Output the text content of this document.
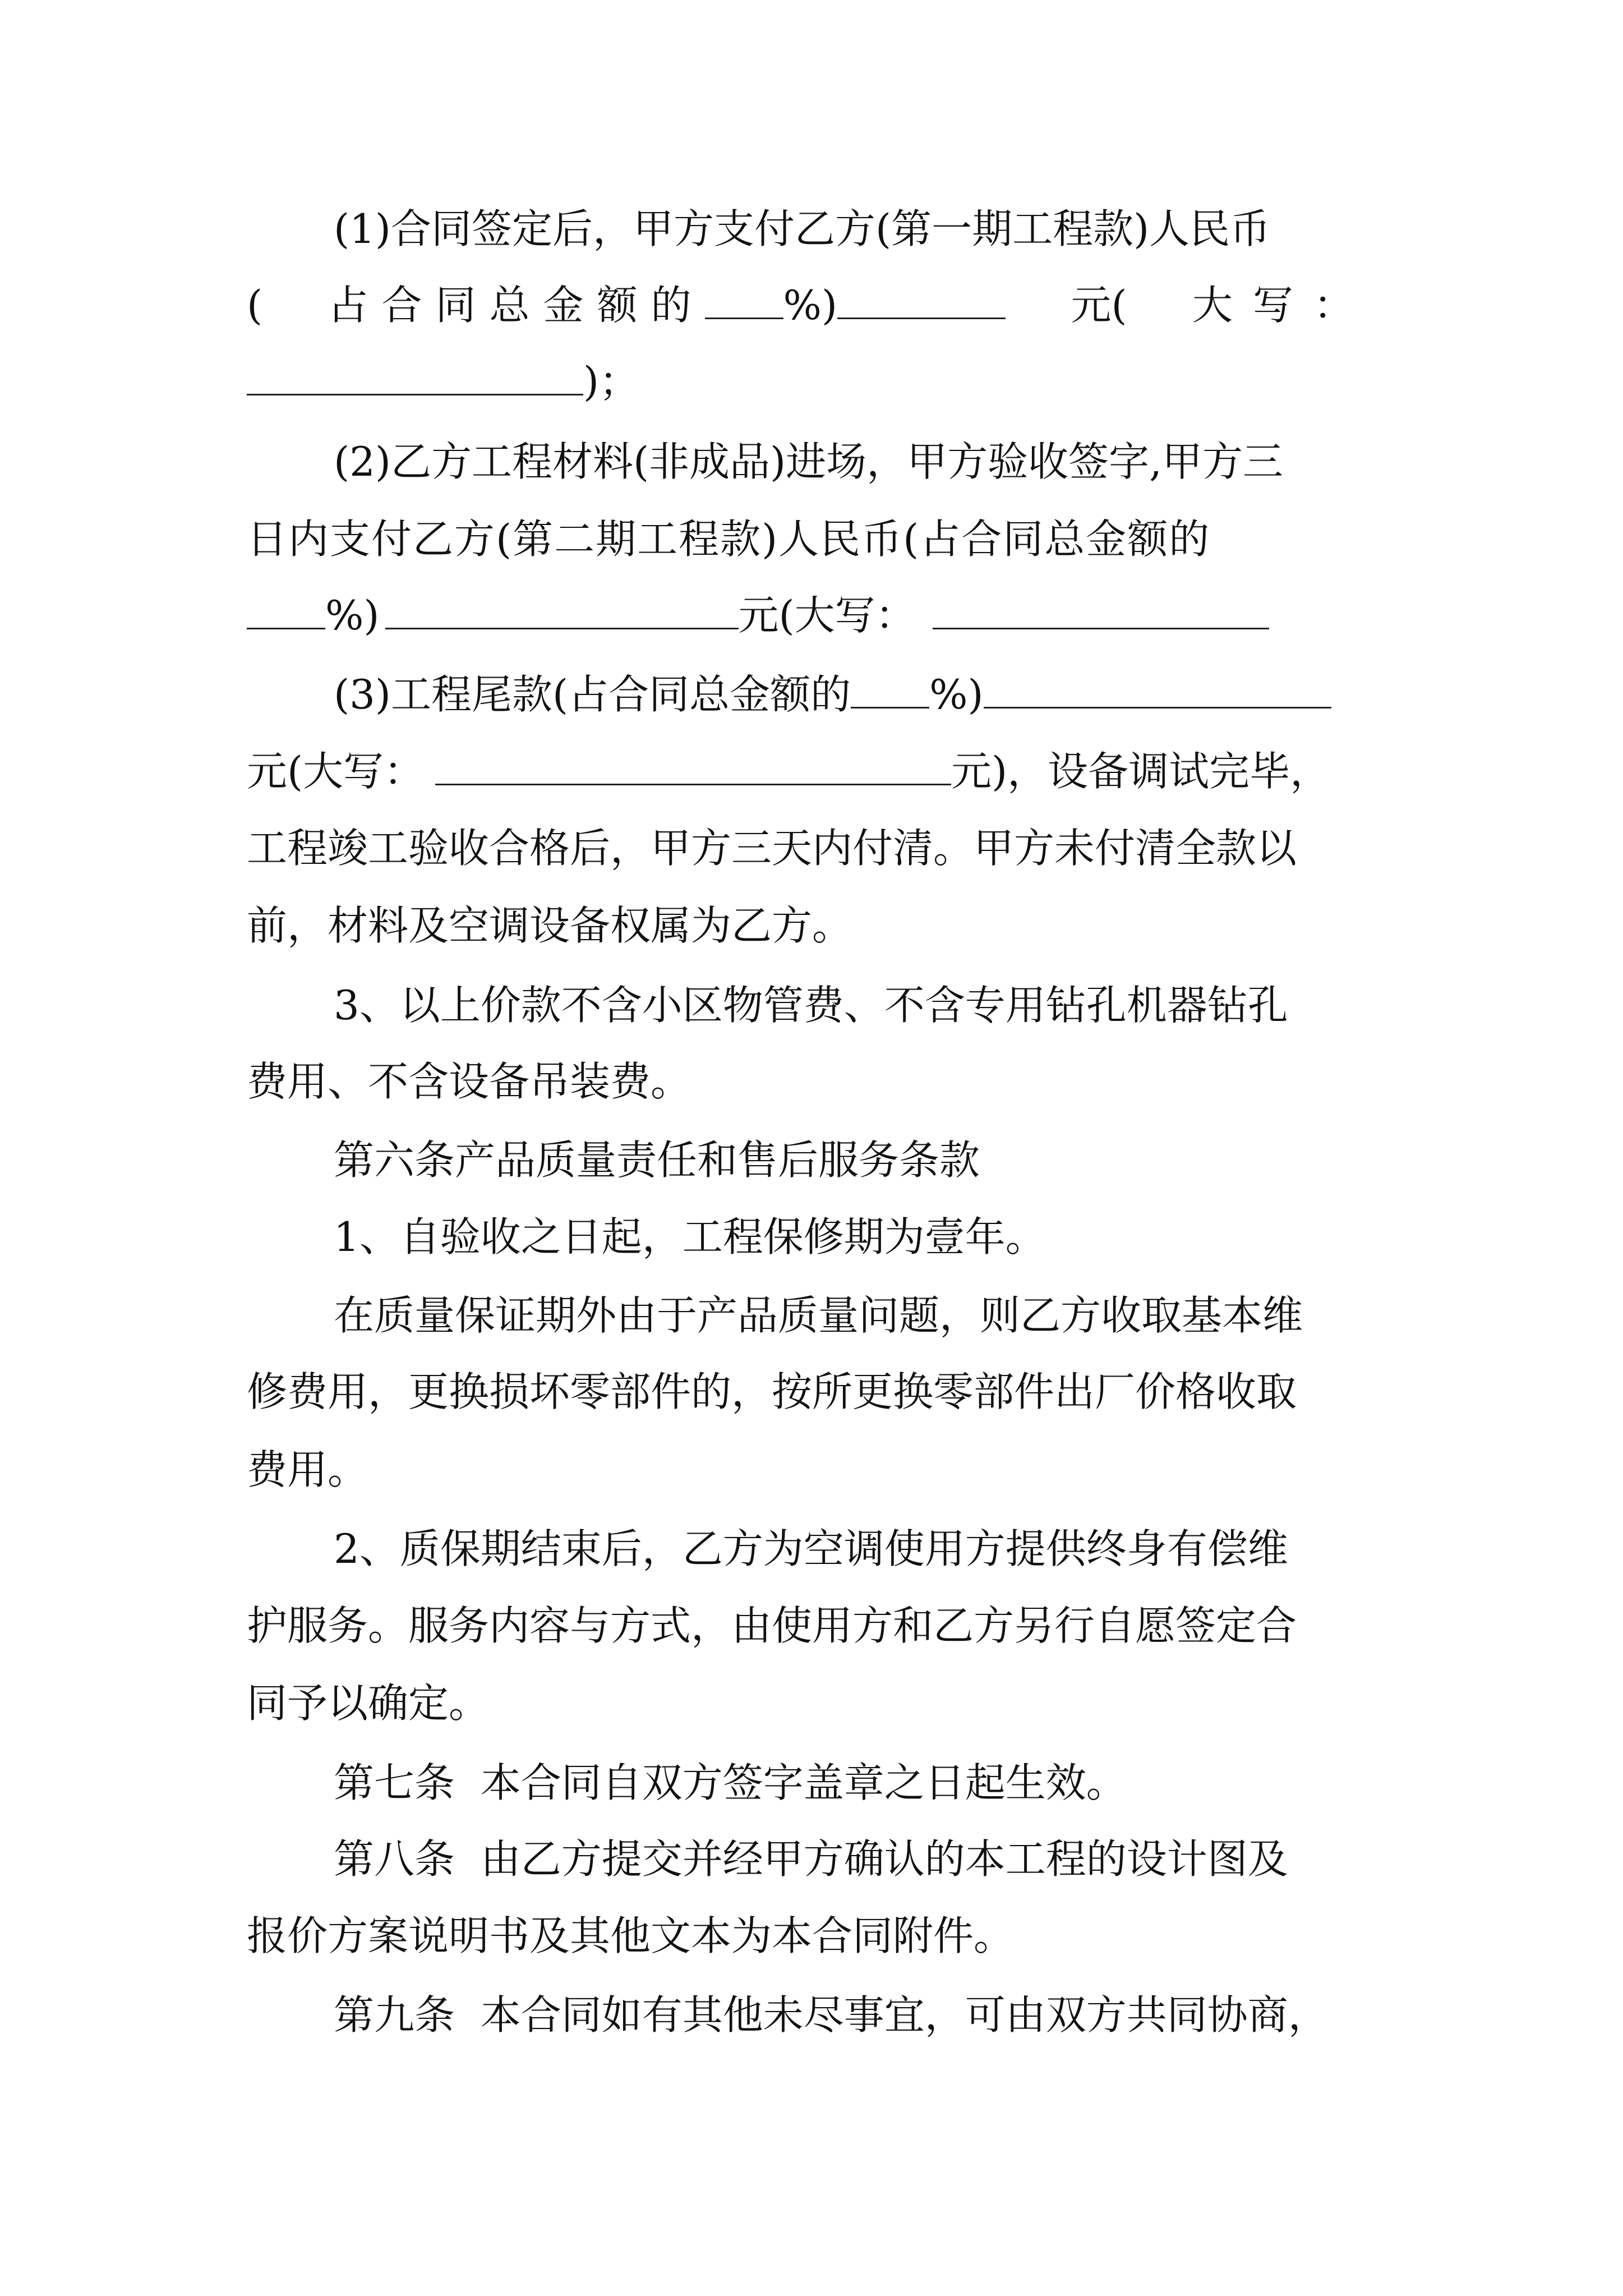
(1)合同签定后，甲方支付乙方(第一期工程款)人民币
( 占合同总金额的 %)	元( 大写：
)；
(2)乙方工程材料(非成品)进场，甲方验收签字,甲方三
日内支付乙方(第二期工程款)人民币(占合同总金额的
%)	元(大写：
(3)工程尾款(占合同总金额的 %)
元(大写：	元)，设备调试完毕，
工程竣工验收合格后，甲方三天内付清。甲方未付清全款以
前，材料及空调设备权属为乙方。
3、以上价款不含小区物管费、不含专用钻孔机器钻孔
费用、不含设备吊装费。
第六条产品质量责任和售后服务条款
1、自验收之日起，工程保修期为壹年。
在质量保证期外由于产品质量问题，则乙方收取基本维
修费用，更换损坏零部件的，按所更换零部件出厂价格收取
费用。
2、质保期结束后，乙方为空调使用方提供终身有偿维
护服务。服务内容与方式，由使用方和乙方另行自愿签定合
同予以确定。
第七条  本合同自双方签字盖章之日起生效。
第八条  由乙方提交并经甲方确认的本工程的设计图及
报价方案说明书及其他文本为本合同附件。
第九条  本合同如有其他未尽事宜，可由双方共同协商，
